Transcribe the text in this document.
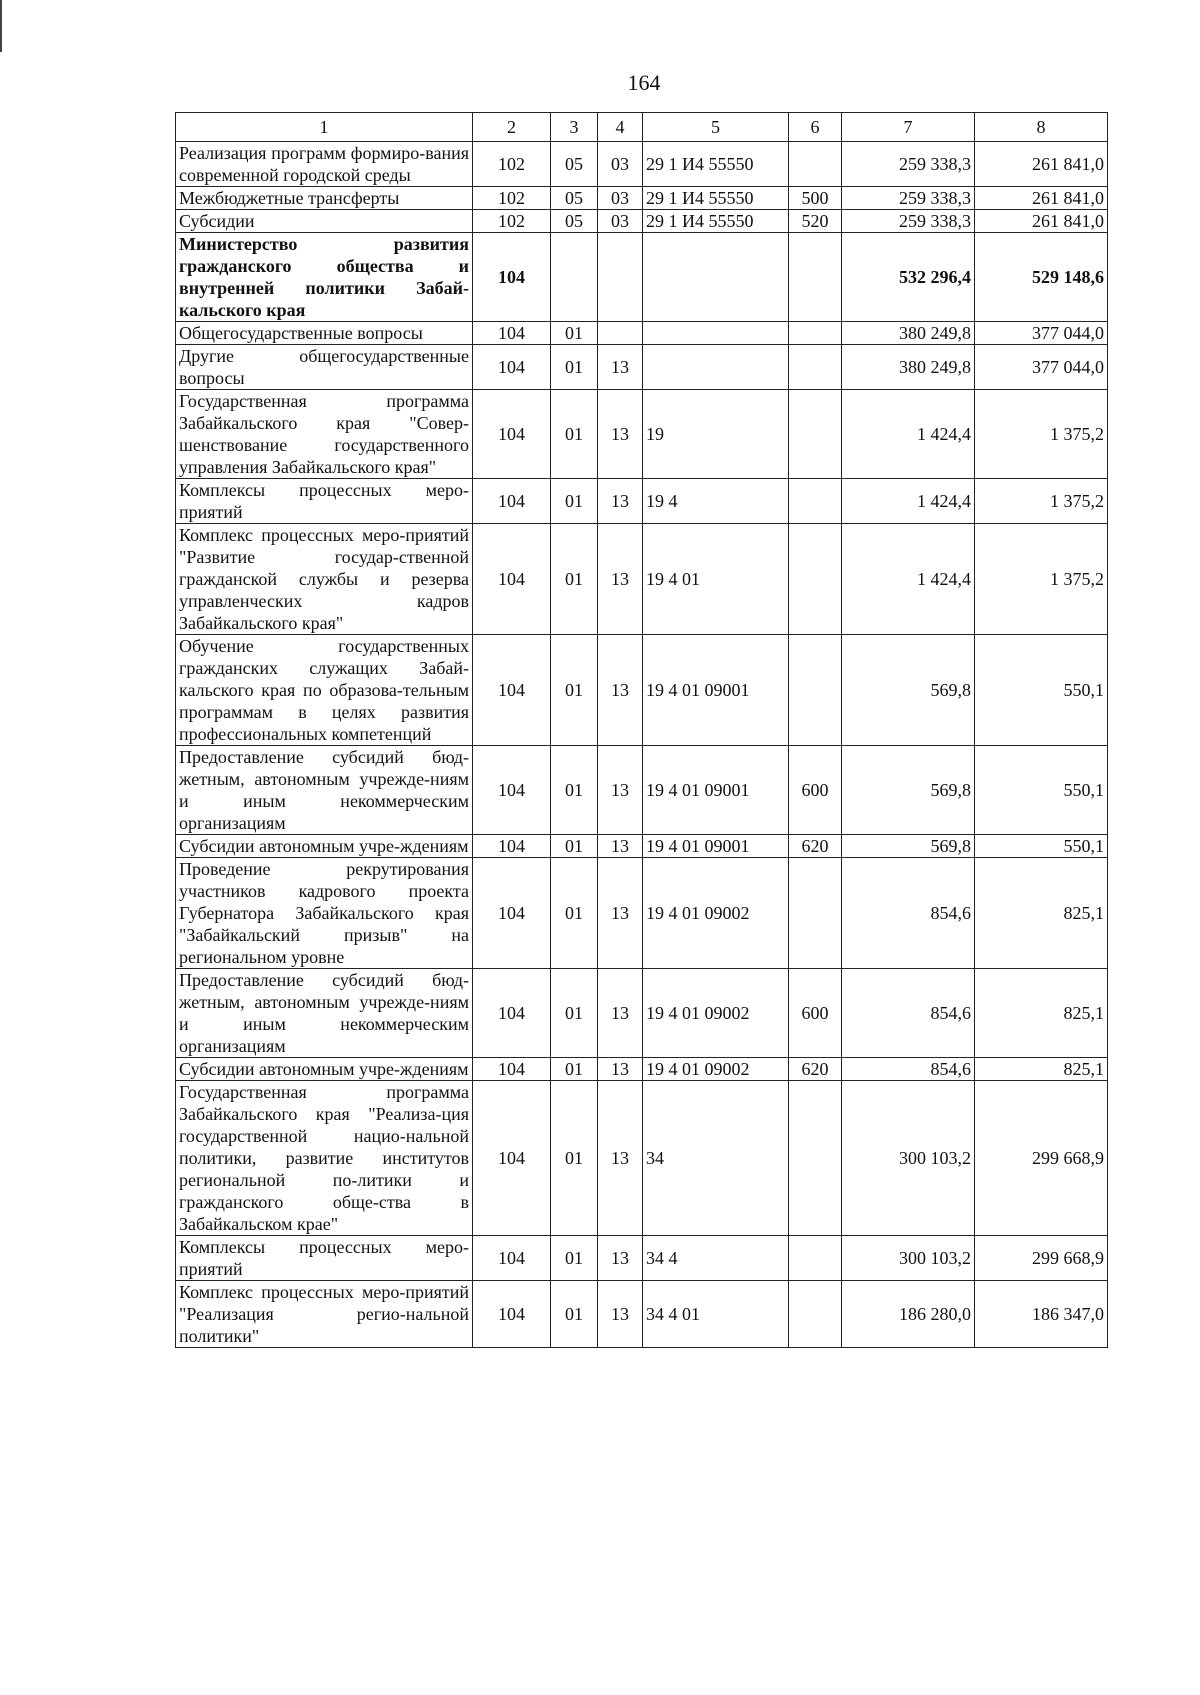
164
1	2	3	4	5	6	7	8
Реализация программ формиро-вания современной городской среды	102	05	03	29 1 И4 55550		259 338,3	261 841,0
Межбюджетные трансферты	102	05	03	29 1 И4 55550	500	259 338,3	261 841,0
Субсидии	102	05	03	29 1 И4 55550	520	259 338,3	261 841,0
Министерство развития гражданского общества и внутренней политики Забай-кальского края	104					532 296,4	529 148,6
Общегосударственные вопросы	104	01				380 249,8	377 044,0
Другие общегосударственные вопросы	104	01	13			380 249,8	377 044,0
Государственная программа Забайкальского края "Совер-шенствование государственного управления Забайкальского края"	104	01	13	19		1 424,4	1 375,2
Комплексы процессных меро-приятий	104	01	13	19 4		1 424,4	1 375,2
Комплекс процессных меро-приятий "Развитие государ-ственной гражданской службы и резерва управленческих кадров Забайкальского края"	104	01	13	19 4 01		1 424,4	1 375,2
Обучение государственных гражданских служащих Забай-кальского края по образова-тельным программам в целях развития профессиональных компетенций	104	01	13	19 4 01 09001		569,8	550,1
Предоставление субсидий бюд-жетным, автономным учрежде-ниям и иным некоммерческим организациям	104	01	13	19 4 01 09001	600	569,8	550,1
Субсидии автономным учре-ждениям	104	01	13	19 4 01 09001	620	569,8	550,1
Проведение рекрутирования участников кадрового проекта Губернатора Забайкальского края "Забайкальский призыв" на региональном уровне	104	01	13	19 4 01 09002		854,6	825,1
Предоставление субсидий бюд-жетным, автономным учрежде-ниям и иным некоммерческим организациям	104	01	13	19 4 01 09002	600	854,6	825,1
Субсидии автономным учре-ждениям	104	01	13	19 4 01 09002	620	854,6	825,1
Государственная программа Забайкальского края "Реализа-ция государственной нацио-нальной политики, развитие институтов региональной по-литики и гражданского обще-ства в Забайкальском крае"	104	01	13	34		300 103,2	299 668,9
Комплексы процессных меро-приятий	104	01	13	34 4		300 103,2	299 668,9
Комплекс процессных меро-приятий "Реализация регио-нальной политики"	104	01	13	34 4 01		186 280,0	186 347,0
